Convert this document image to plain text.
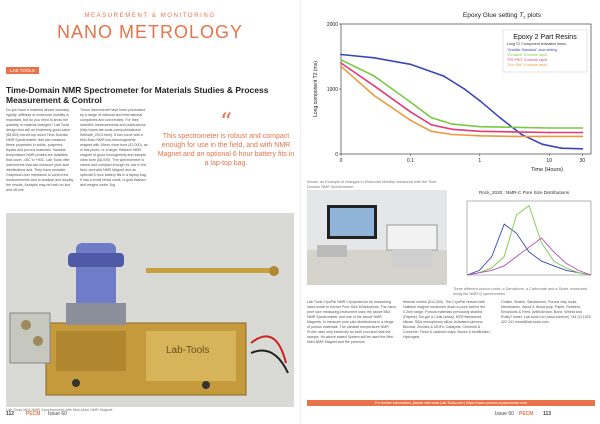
MEASUREMENT & MONITORING
NANO METROLOGY
LAB TOOLS
Time-Domain NMR Spectrometer for Materials Studies & Process Measurement & Control
Do you have a material whose viscosity, rigidity, stiffness or molecular mobility is important, but do you need to know the quantity of material changes? Lab Tools design and sell an extremely good value (€8,800) bench-top sized Time-Domain NMR Spectrometer that can measure these properties in solids, polymers, liquids and porous materials. Variable temperature NMR probes are available that cover -40C to +90C. Lab Tools offer instruments that can measure pore-size distributions and. They have versatile Graphical User Interfaces to control the measurements and to analyse and display the results. Analysis may be both on-line and off-line
These instruments have been purchased by a range of national and international companies and universities. For their scientific measurements and publications (http://www.lab-tools.com/publications/ Website_2013.html). It can come with a Mini-Maxi NMR low-inhomogeneity magnet with 16mm clear bore (£2,000), as in this photo, or a larger Halbach NMR magnet of good homogeneity and sample clear bore (£8,000). The spectrometer is robust and compact enough for use in the field, and with NMR Magnet and an optional 6 hour battery fits in a laptop bag. It has a small rental costs, is gold flashed, and weighs under 1kg
“
This spectrometer is robust and compact enough for use in the field, and with NMR Magnet and an optional 6 hour battery fits in a lap-top bag.
Lab-Tools
Lab Tools Mk3 NMR Spectrometer with Mini-Maxi NMR Magnet
112 PECM Issue 60
Epoxy Glue setting $T_2$ plots
0
1000
2000
0	0.1	1	10	30
Time (Hours)
Long component T2 (ms)
Epoxy 2 Part Resins
Long T2 Component relaxation times.
"Araldite Standard" slow setting
"Evostick" 5 minute rapid
"RS PRO" 5 minute rapid
"Evo-Stik" 5 minute rapid
Above: an Example of changes in Molecular Mobility measured with the Time-Domain NMR Spectrometer
Rock_2020 : NMR-C Pore Size Distributions
Three different porous rocks: a Sandstone, a Carbonate and a Shale, measured using the NMR Q spectrometer
Lab Tools CryoPal NMR Cryoprotector for measuring nano-molar to micron Pore-Size Distributions. The nano-pore size measuring instrument uses the above Mk3 NMR Spectrometer and one of the above NMR Magnets, to measure pore size distributions in a range of porous materials. The variable temperature NMR Probe uses only electricity for both cool and heat the sample. It's above stated System will be used the Mini-Maxi NMR Magnet and the premium
thermal control (£12,000). The CryoPal version with Halbach magnet measures down to pore radii in the 0.2nm range. Porous materials previously studied (Papers): Sol-gel & Cells (silica), MOF/framework silicas, SBA-mesoporous silica, Activated carbons, Biochar, Zeolites & MOFs, Catalysts, Cements & Concrete, Fresh & calcined clays, Bones & biofiltration, Hydrogels
Chalks, Shales, Sandstones, Porous clay rocks, Membranes, Wood & Wood pulp, Paper, Rubbers, Emulsions & Feed, Artificial skin, Bone, Wheat and Rusty? water. Lab-tools Ltd (nano-science) +44 (0) 1625 422 241 email@lab-tools.com
For further information, please visit www.Lab-Tools.com | https://nano-porous-cryoprotector.com
Issue 60 PECM 113
